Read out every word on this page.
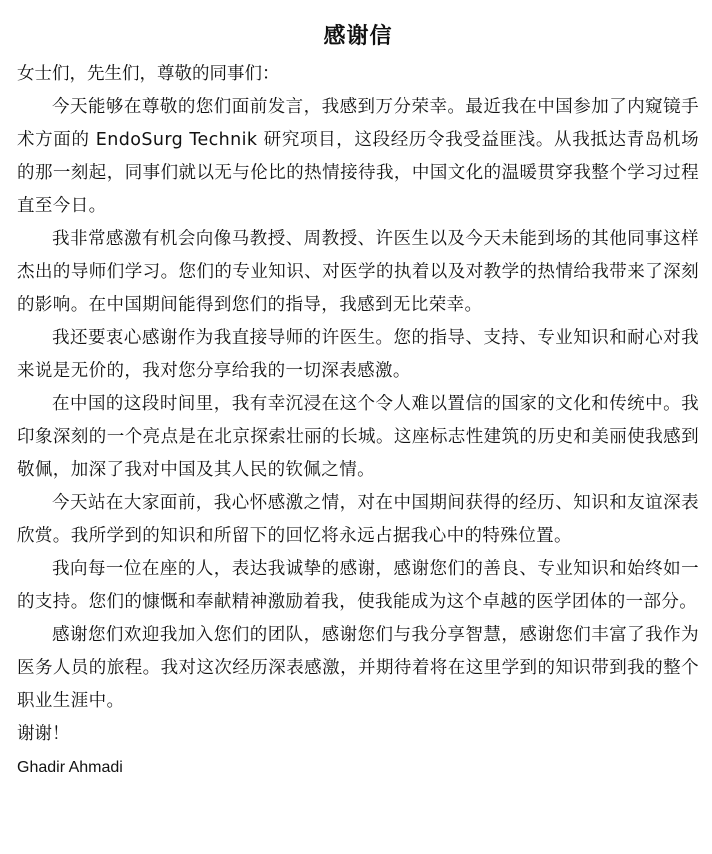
感谢信

女士们，先生们，尊敬的同事们：

今天能够在尊敬的您们面前发言，我感到万分荣幸。最近我在中国参加了内窥镜手术方面的 EndoSurg Technik 研究项目，这段经历令我受益匪浅。从我抵达青岛机场的那一刻起，同事们就以无与伦比的热情接待我，中国文化的温暖贯穿我整个学习过程直至今日。

我非常感激有机会向像马教授、周教授、许医生以及今天未能到场的其他同事这样杰出的导师们学习。您们的专业知识、对医学的执着以及对教学的热情给我带来了深刻的影响。在中国期间能得到您们的指导，我感到无比荣幸。

我还要衷心感谢作为我直接导师的许医生。您的指导、支持、专业知识和耐心对我来说是无价的，我对您分享给我的一切深表感激。

在中国的这段时间里，我有幸沉浸在这个令人难以置信的国家的文化和传统中。我印象深刻的一个亮点是在北京探索壮丽的长城。这座标志性建筑的历史和美丽使我感到敬佩，加深了我对中国及其人民的钦佩之情。

今天站在大家面前，我心怀感激之情，对在中国期间获得的经历、知识和友谊深表欣赏。我所学到的知识和所留下的回忆将永远占据我心中的特殊位置。

我向每一位在座的人，表达我诚挚的感谢，感谢您们的善良、专业知识和始终如一的支持。您们的慷慨和奉献精神激励着我，使我能成为这个卓越的医学团体的一部分。

感谢您们欢迎我加入您们的团队，感谢您们与我分享智慧，感谢您们丰富了我作为医务人员的旅程。我对这次经历深表感激，并期待着将在这里学到的知识带到我的整个职业生涯中。

谢谢！

Ghadir Ahmadi
